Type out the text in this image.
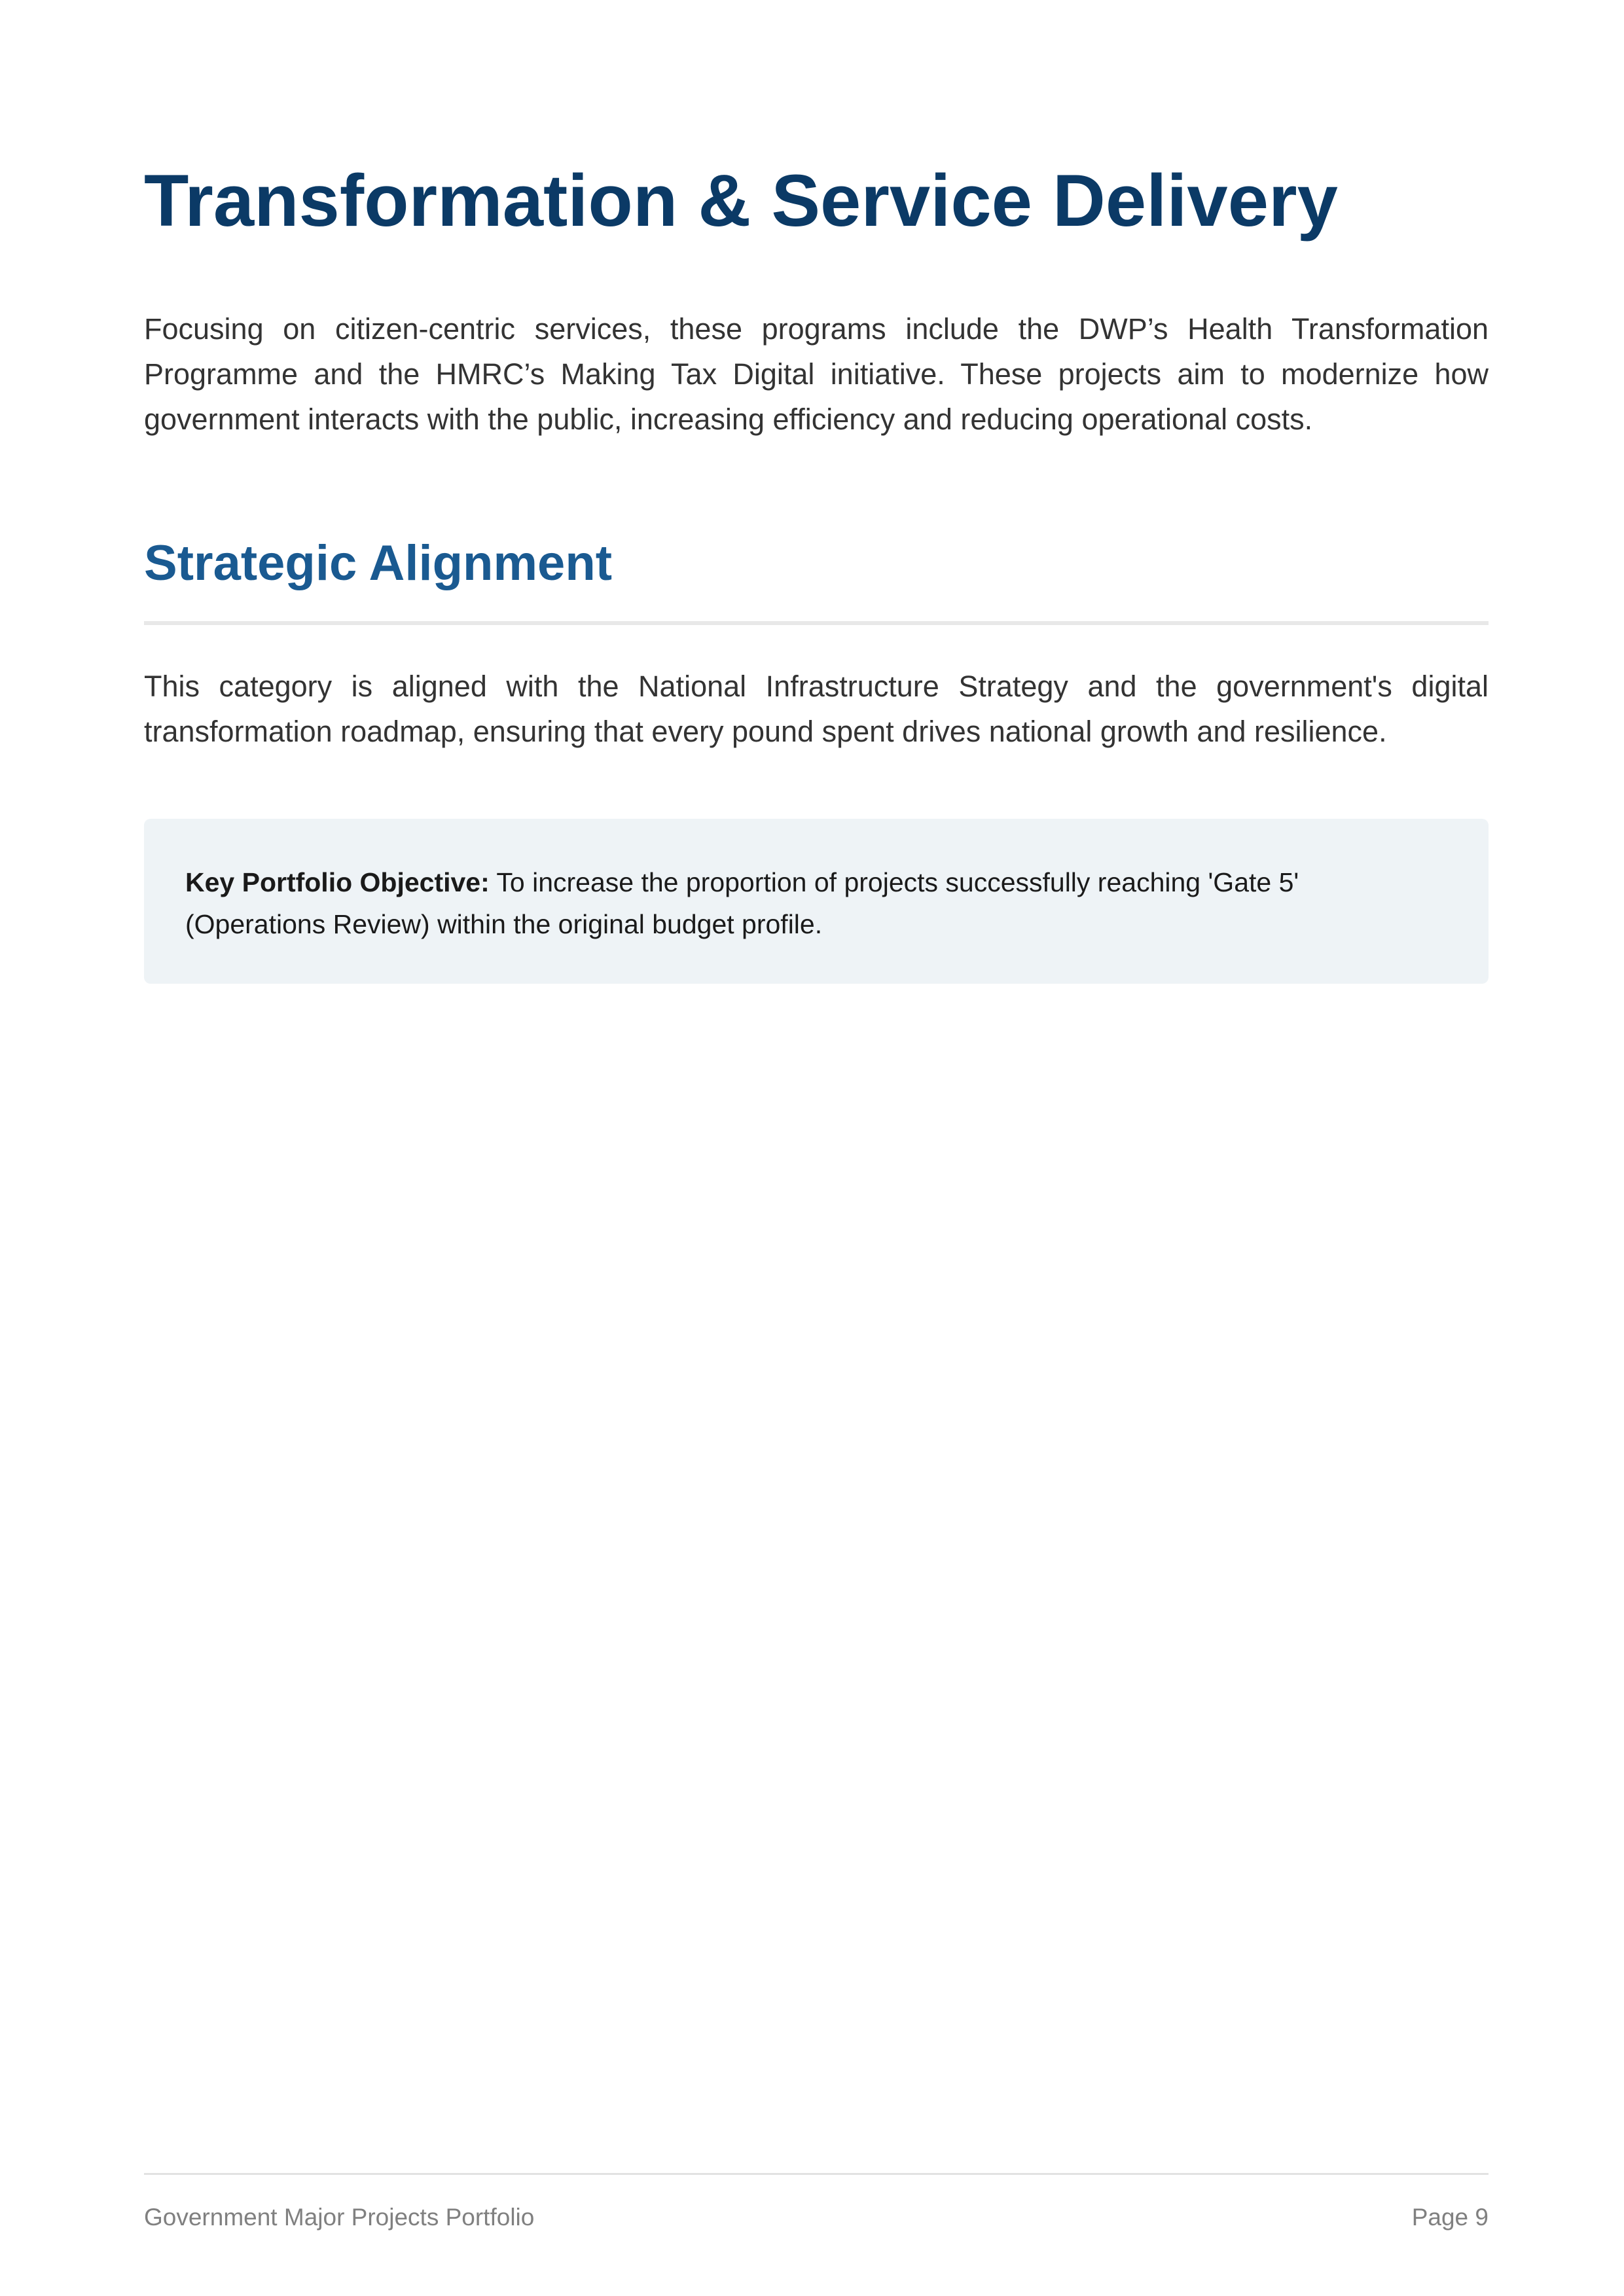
Transformation & Service Delivery

Focusing on citizen-centric services, these programs include the DWP’s Health Transformation Programme and the HMRC’s Making Tax Digital initiative. These projects aim to modernize how government interacts with the public, increasing efficiency and reducing operational costs.

Strategic Alignment

This category is aligned with the National Infrastructure Strategy and the government's digital transformation roadmap, ensuring that every pound spent drives national growth and resilience.

Key Portfolio Objective: To increase the proportion of projects successfully reaching 'Gate 5' (Operations Review) within the original budget profile.

Government Major Projects Portfolio	Page 9
